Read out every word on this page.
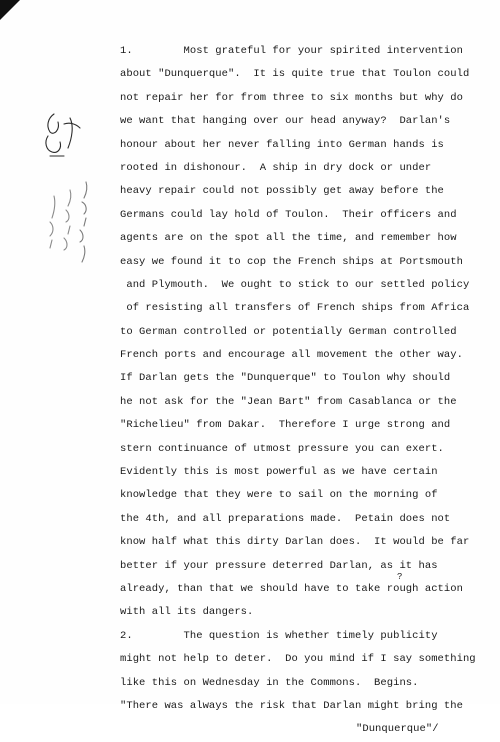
1.        Most grateful for your spirited intervention
about "Dunquerque".  It is quite true that Toulon could
not repair her for from three to six months but why do
we want that hanging over our head anyway?  Darlan's
honour about her never falling into German hands is
rooted in dishonour.  A ship in dry dock or under
heavy repair could not possibly get away before the
Germans could lay hold of Toulon.  Their officers and
agents are on the spot all the time, and remember how
easy we found it to cop the French ships at Portsmouth
and Plymouth.  We ought to stick to our settled policy
of resisting all transfers of French ships from Africa
to German controlled or potentially German controlled
French ports and encourage all movement the other way.
If Darlan gets the "Dunquerque" to Toulon why should
he not ask for the "Jean Bart" from Casablanca or the
"Richelieu" from Dakar.  Therefore I urge strong and
stern continuance of utmost pressure you can exert.
Evidently this is most powerful as we have certain
knowledge that they were to sail on the morning of
the 4th, and all preparations made.  Petain does not
know half what this dirty Darlan does.  It would be far
better if your pressure deterred Darlan, as it has
already, than that we should have to take rough action
with all its dangers.
2.        The question is whether timely publicity
might not help to deter.  Do you mind if I say something
like this on Wednesday in the Commons.  Begins.
"There was always the risk that Darlan might bring the
"Dunquerque"/
?
